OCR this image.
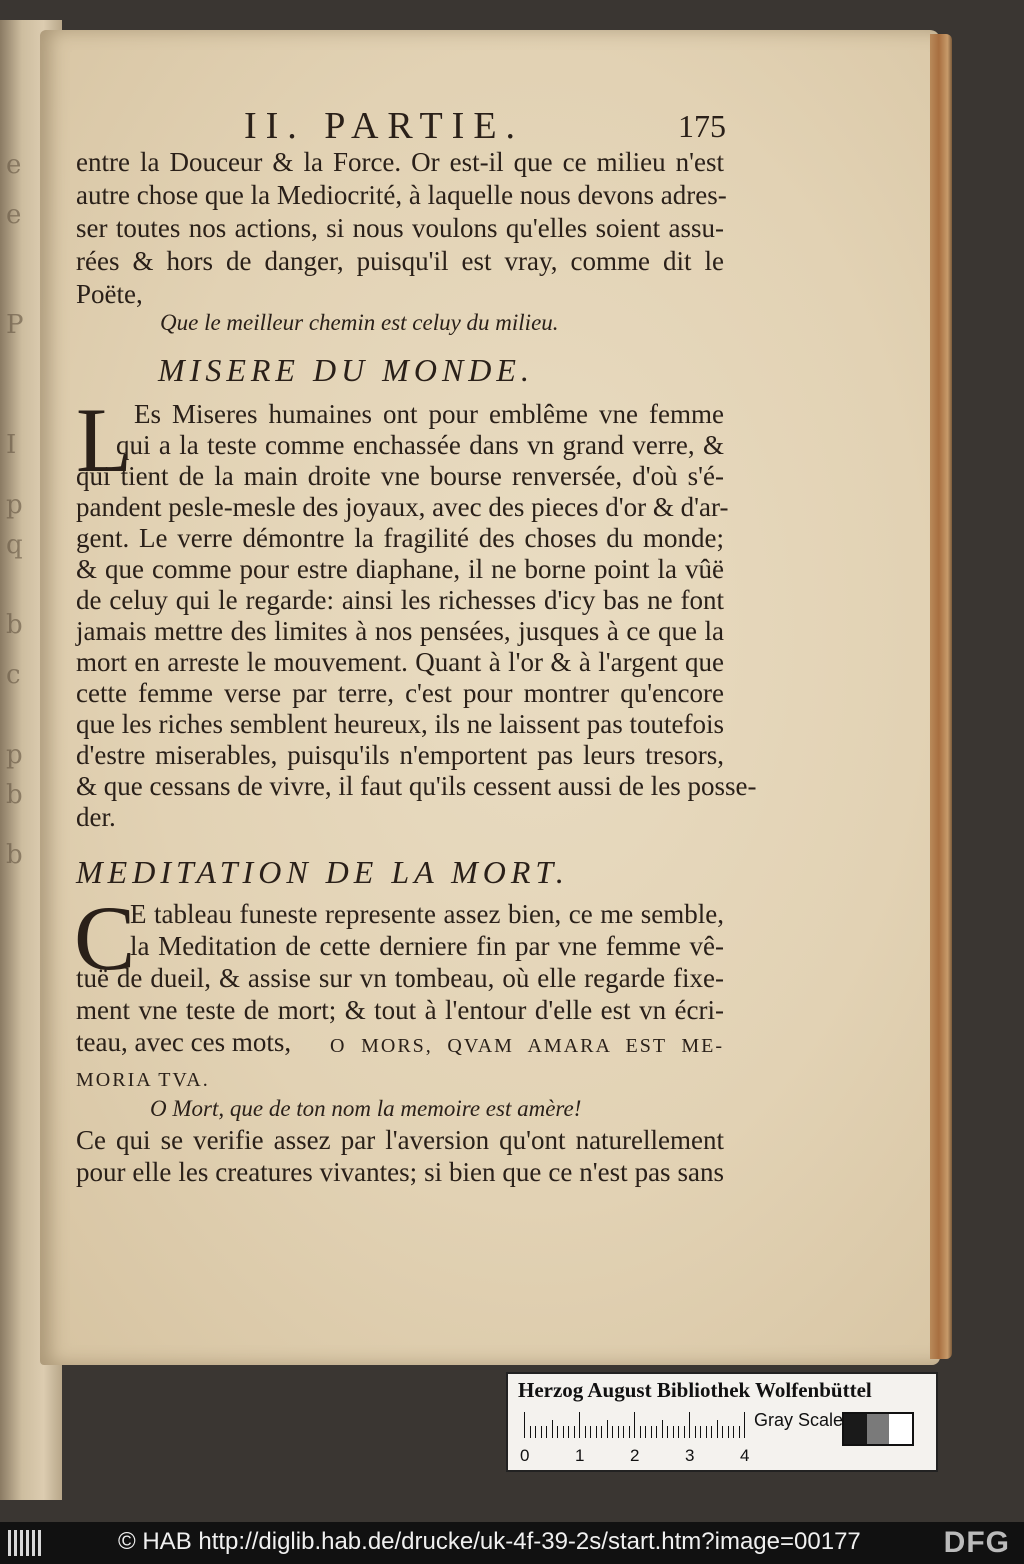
e
e
P
I
p
q
b
c
p
b
b
II. PARTIE.	175
entre la Douceur & la Force. Or est-il que ce milieu n'est
autre chose que la Mediocrité, à laquelle nous devons adres-
ser toutes nos actions, si nous voulons qu'elles soient assu-
rées & hors de danger, puisqu'il est vray, comme dit le
Poëte,
Que le meilleur chemin est celuy du milieu.
MISERE DU MONDE.
L Es Miseres humaines ont pour emblême vne femme
qui a la teste comme enchassée dans vn grand verre, &
qui tient de la main droite vne bourse renversée, d'où s'é-
pandent pesle-mesle des joyaux, avec des pieces d'or & d'ar-
gent. Le verre démontre la fragilité des choses du monde;
& que comme pour estre diaphane, il ne borne point la vûë
de celuy qui le regarde: ainsi les richesses d'icy bas ne font
jamais mettre des limites à nos pensées, jusques à ce que la
mort en arreste le mouvement. Quant à l'or & à l'argent que
cette femme verse par terre, c'est pour montrer qu'encore
que les riches semblent heureux, ils ne laissent pas toutefois
d'estre miserables, puisqu'ils n'emportent pas leurs tresors,
& que cessans de vivre, il faut qu'ils cessent aussi de les posse-
der.
MEDITATION DE LA MORT.
C
E tableau funeste represente assez bien, ce me semble,
la Meditation de cette derniere fin par vne femme vê-
tuë de dueil, & assise sur vn tombeau, où elle regarde fixe-
ment vne teste de mort; & tout à l'entour d'elle est vn écri-
teau, avec ces mots,	O MORS, QVAM AMARA EST ME-
MORIA TVA.
O Mort, que de ton nom la memoire est amère!
Ce qui se verifie assez par l'aversion qu'ont naturellement
pour elle les creatures vivantes; si bien que ce n'est pas sans
Herzog August Bibliothek Wolfenbüttel
0	1	2	3	4
Gray Scale
© HAB http://diglib.hab.de/drucke/uk-4f-39-2s/start.htm?image=00177	DFG
